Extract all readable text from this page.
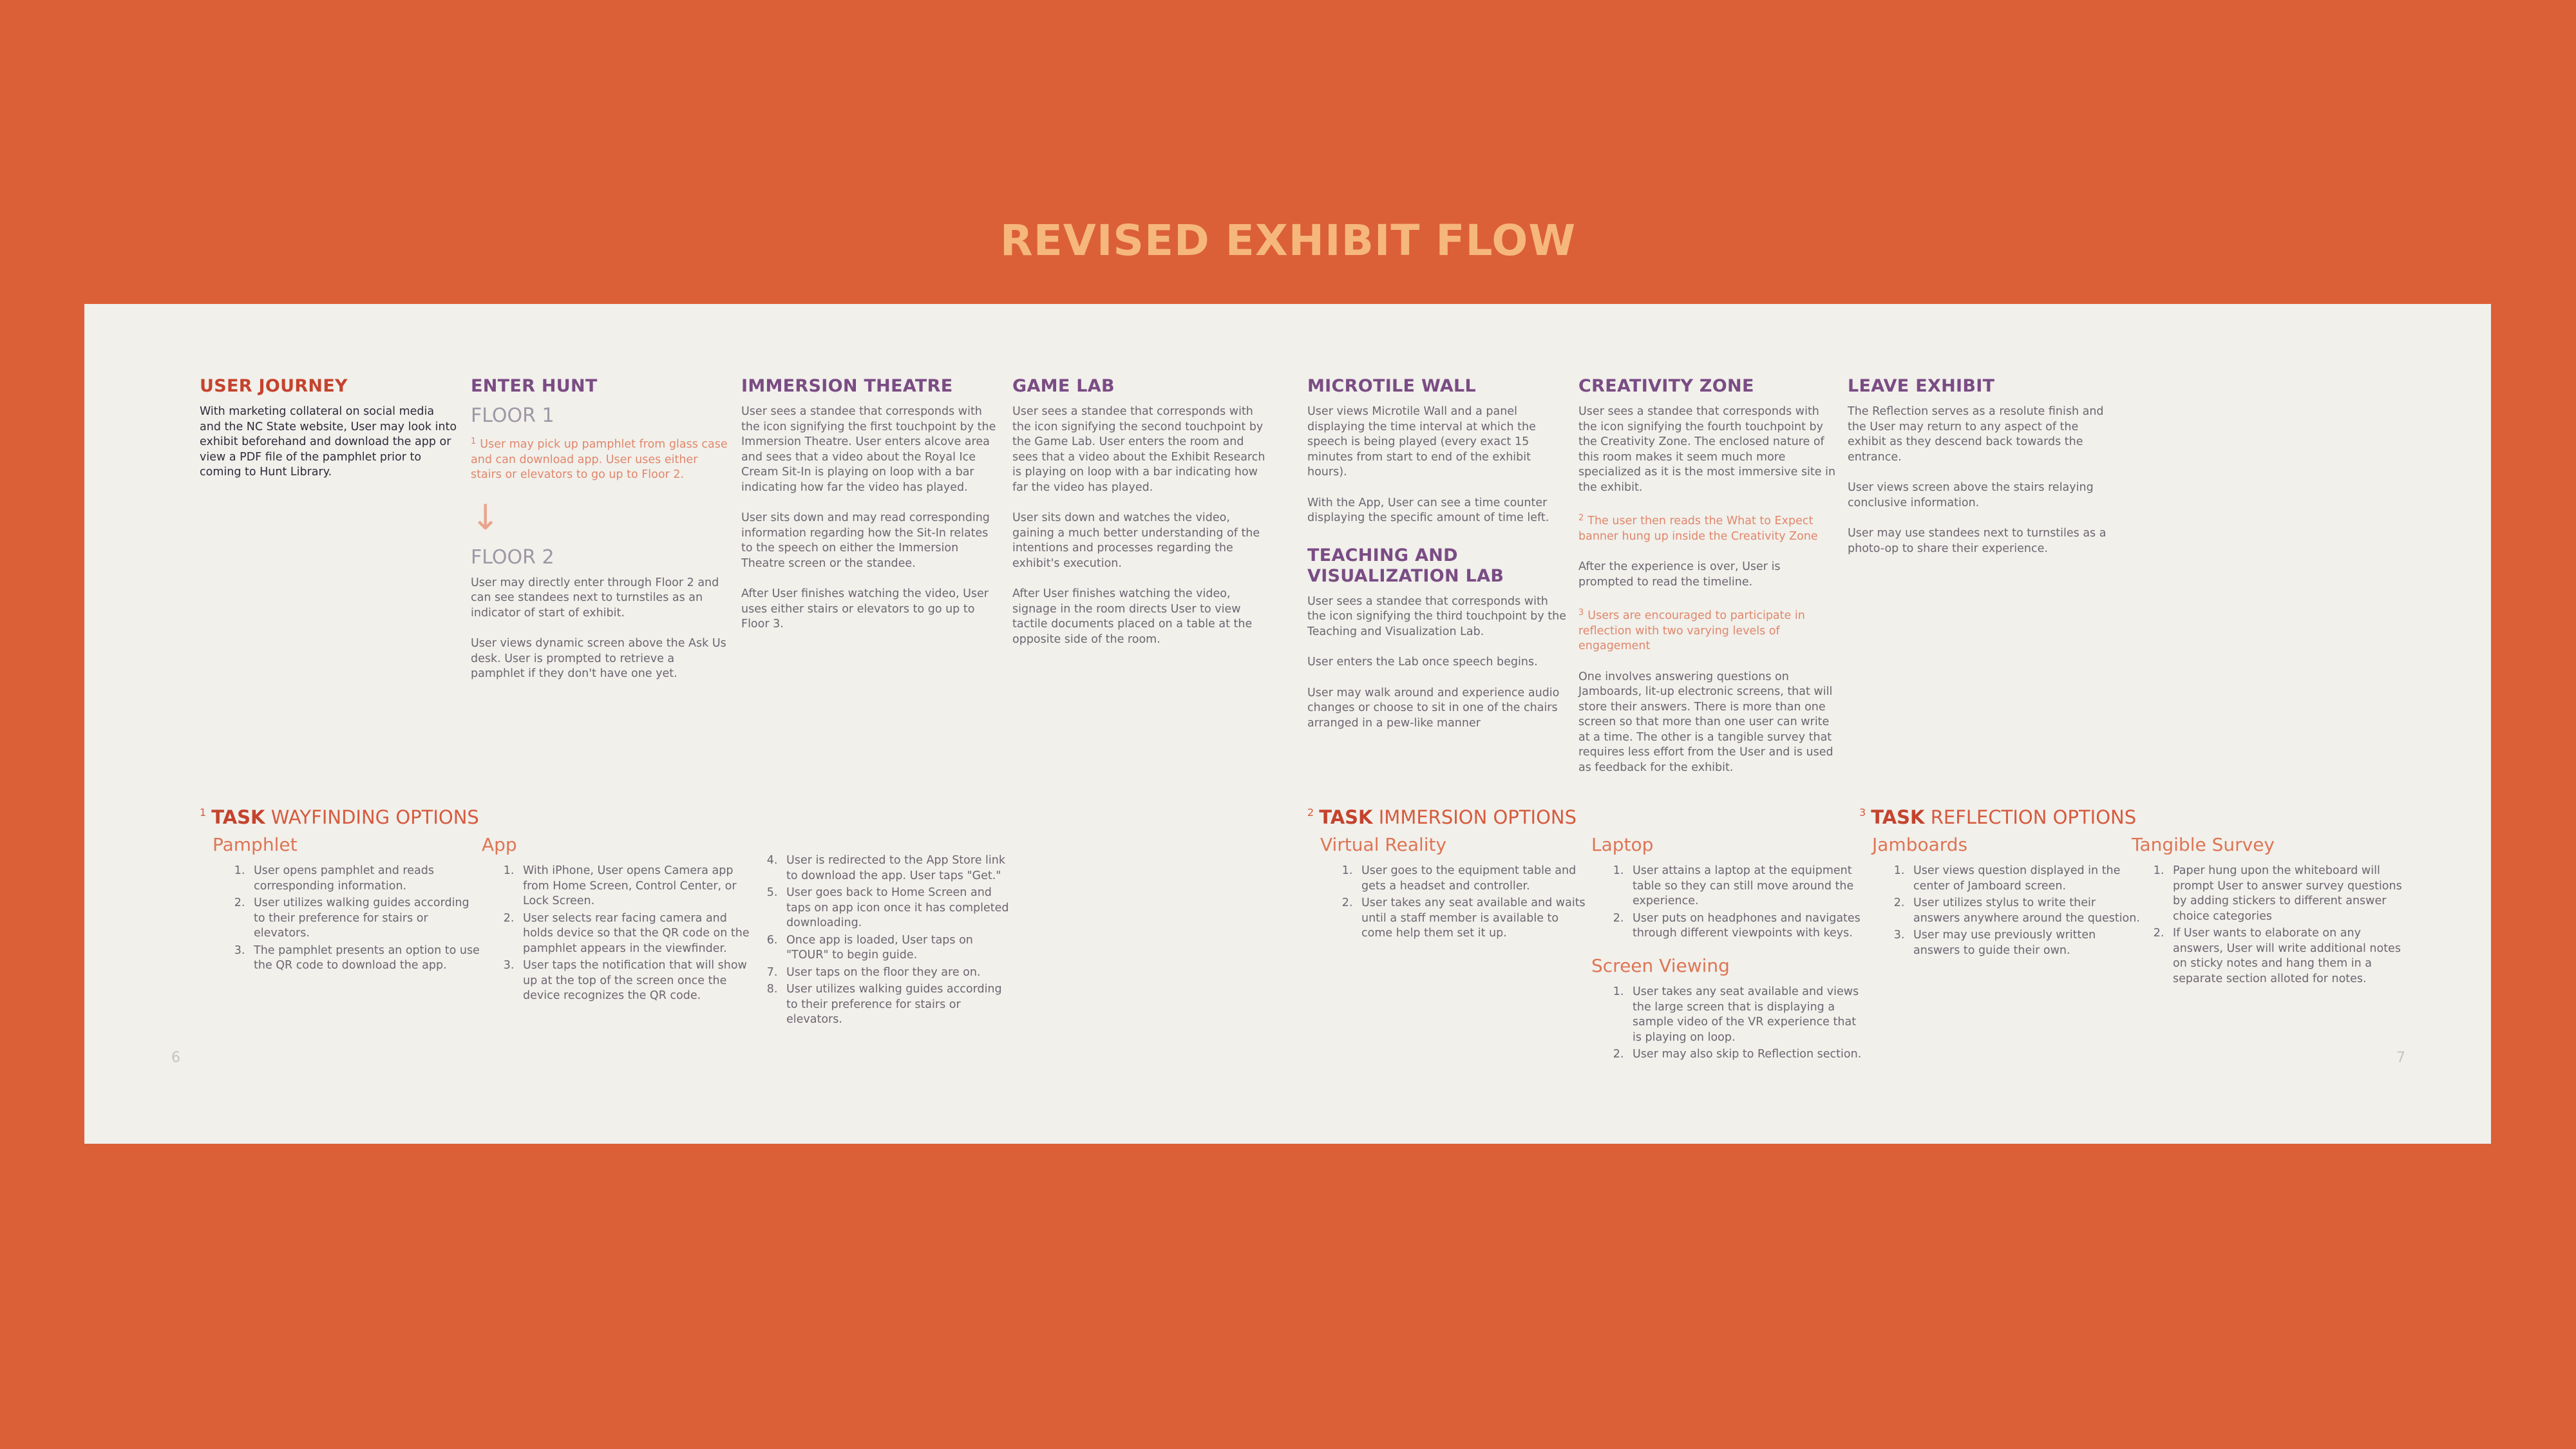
REVISED EXHIBIT FLOW
USER JOURNEY

With marketing collateral on social media and the NC State website, User may look into exhibit beforehand and download the app or view a PDF file of the pamphlet prior to coming to Hunt Library.

ENTER HUNT
FLOOR 1

$^1$ User may pick up pamphlet from glass case and can download app. User uses either stairs or elevators to go up to Floor 2.

↓
FLOOR 2

User may directly enter through Floor 2 and can see standees next to turnstiles as an indicator of start of exhibit.

User views dynamic screen above the Ask Us desk. User is prompted to retrieve a pamphlet if they don't have one yet.

IMMERSION THEATRE

User sees a standee that corresponds with the icon signifying the first touchpoint by the Immersion Theatre. User enters alcove area and sees that a video about the Royal Ice Cream Sit-In is playing on loop with a bar indicating how far the video has played.

User sits down and may read corresponding information regarding how the Sit-In relates to the speech on either the Immersion Theatre screen or the standee.

After User finishes watching the video, User uses either stairs or elevators to go up to Floor 3.

GAME LAB

User sees a standee that corresponds with the icon signifying the second touchpoint by the Game Lab. User enters the room and sees that a video about the Exhibit Research is playing on loop with a bar indicating how far the video has played.

User sits down and watches the video, gaining a much better understanding of the intentions and processes regarding the exhibit's execution.

After User finishes watching the video, signage in the room directs User to view tactile documents placed on a table at the opposite side of the room.

MICROTILE WALL

User views Microtile Wall and a panel displaying the time interval at which the speech is being played (every exact 15 minutes from start to end of the exhibit hours).

With the App, User can see a time counter displaying the specific amount of time left.

TEACHING AND
VISUALIZATION LAB

User sees a standee that corresponds with the icon signifying the third touchpoint by the Teaching and Visualization Lab.

User enters the Lab once speech begins.

User may walk around and experience audio changes or choose to sit in one of the chairs arranged in a pew-like manner

CREATIVITY ZONE

User sees a standee that corresponds with the icon signifying the fourth touchpoint by the Creativity Zone. The enclosed nature of this room makes it seem much more specialized as it is the most immersive site in the exhibit.

$^2$ The user then reads the What to Expect banner hung up inside the Creativity Zone

After the experience is over, User is prompted to read the timeline.

$^3$ Users are encouraged to participate in reflection with two varying levels of engagement

One involves answering questions on Jamboards, lit-up electronic screens, that will store their answers. There is more than one screen so that more than one user can write at a time. The other is a tangible survey that requires less effort from the User and is used as feedback for the exhibit.

LEAVE EXHIBIT

The Reflection serves as a resolute finish and the User may return to any aspect of the exhibit as they descend back towards the entrance.

User views screen above the stairs relaying conclusive information.

User may use standees next to turnstiles as a photo-op to share their experience.

$^1$ TASK WAYFINDING OPTIONS
Pamphlet
1. User opens pamphlet and reads corresponding information.
2. User utilizes walking guides according to their preference for stairs or elevators.
3. The pamphlet presents an option to use the QR code to download the app.
App
1. With iPhone, User opens Camera app from Home Screen, Control Center, or Lock Screen.
2. User selects rear facing camera and holds device so that the QR code on the pamphlet appears in the viewfinder.
3. User taps the notification that will show up at the top of the screen once the device recognizes the QR code.
4. User is redirected to the App Store link to download the app. User taps "Get."
5. User goes back to Home Screen and taps on app icon once it has completed downloading.
6. Once app is loaded, User taps on "TOUR" to begin guide.
7. User taps on the floor they are on.
8. User utilizes walking guides according to their preference for stairs or elevators.
$^2$ TASK IMMERSION OPTIONS
Virtual Reality
1. User goes to the equipment table and gets a headset and controller.
2. User takes any seat available and waits until a staff member is available to come help them set it up.
Laptop
1. User attains a laptop at the equipment table so they can still move around the experience.
2. User puts on headphones and navigates through different viewpoints with keys.
Screen Viewing
1. User takes any seat available and views the large screen that is displaying a sample video of the VR experience that is playing on loop.
2. User may also skip to Reflection section.
$^3$ TASK REFLECTION OPTIONS
Jamboards
1. User views question displayed in the center of Jamboard screen.
2. User utilizes stylus to write their answers anywhere around the question.
3. User may use previously written answers to guide their own.
Tangible Survey
1. Paper hung upon the whiteboard will prompt User to answer survey questions by adding stickers to different answer choice categories
2. If User wants to elaborate on any answers, User will write additional notes on sticky notes and hang them in a separate section alloted for notes.
6	7
